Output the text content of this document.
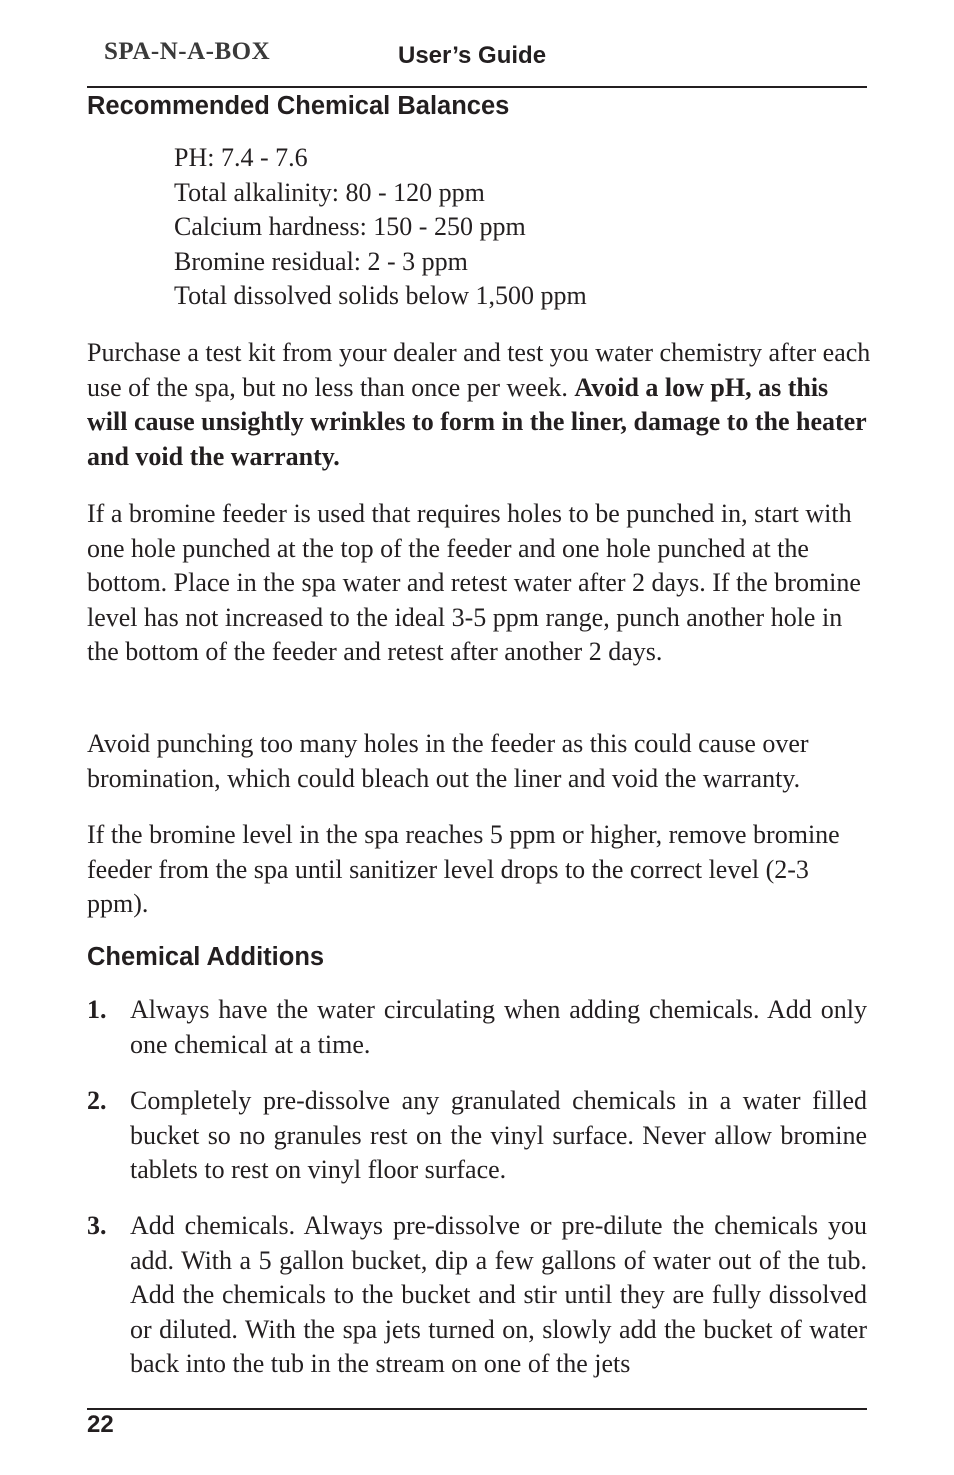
SPA-N-A-BOX	User’s Guide
Recommended Chemical Balances
PH: 7.4 - 7.6
Total alkalinity: 80 - 120 ppm
Calcium hardness: 150 - 250 ppm
Bromine residual: 2 - 3 ppm
Total dissolved solids below 1,500 ppm
Purchase a test kit from your dealer and test you water chemistry after each use of the spa, but no less than once per week. Avoid a low pH, as this will cause unsightly wrinkles to form in the liner, damage to the heater and void the warranty.
If a bromine feeder is used that requires holes to be punched in, start with one hole punched at the top of the feeder and one hole punched at the bottom. Place in the spa water and retest water after 2 days. If the bromine level has not increased to the ideal 3-5 ppm range, punch another hole in the bottom of the feeder and retest after another 2 days.
Avoid punching too many holes in the feeder as this could cause over bromination, which could bleach out the liner and void the warranty.
If the bromine level in the spa reaches 5 ppm or higher, remove bromine feeder from the spa until sanitizer level drops to the correct level (2-3 ppm).
Chemical Additions
1. Always have the water circulating when adding chemicals. Add only one chemical at a time.
2. Completely pre-dissolve any granulated chemicals in a water filled bucket so no granules rest on the vinyl surface. Never allow bromine tablets to rest on vinyl floor surface.
3. Add chemicals. Always pre-dissolve or pre-dilute the chemicals you add. With a 5 gallon bucket, dip a few gallons of water out of the tub. Add the chemicals to the bucket and stir until they are fully dissolved or diluted. With the spa jets turned on, slowly add the bucket of water back into the tub in the stream on one of the jets
22
